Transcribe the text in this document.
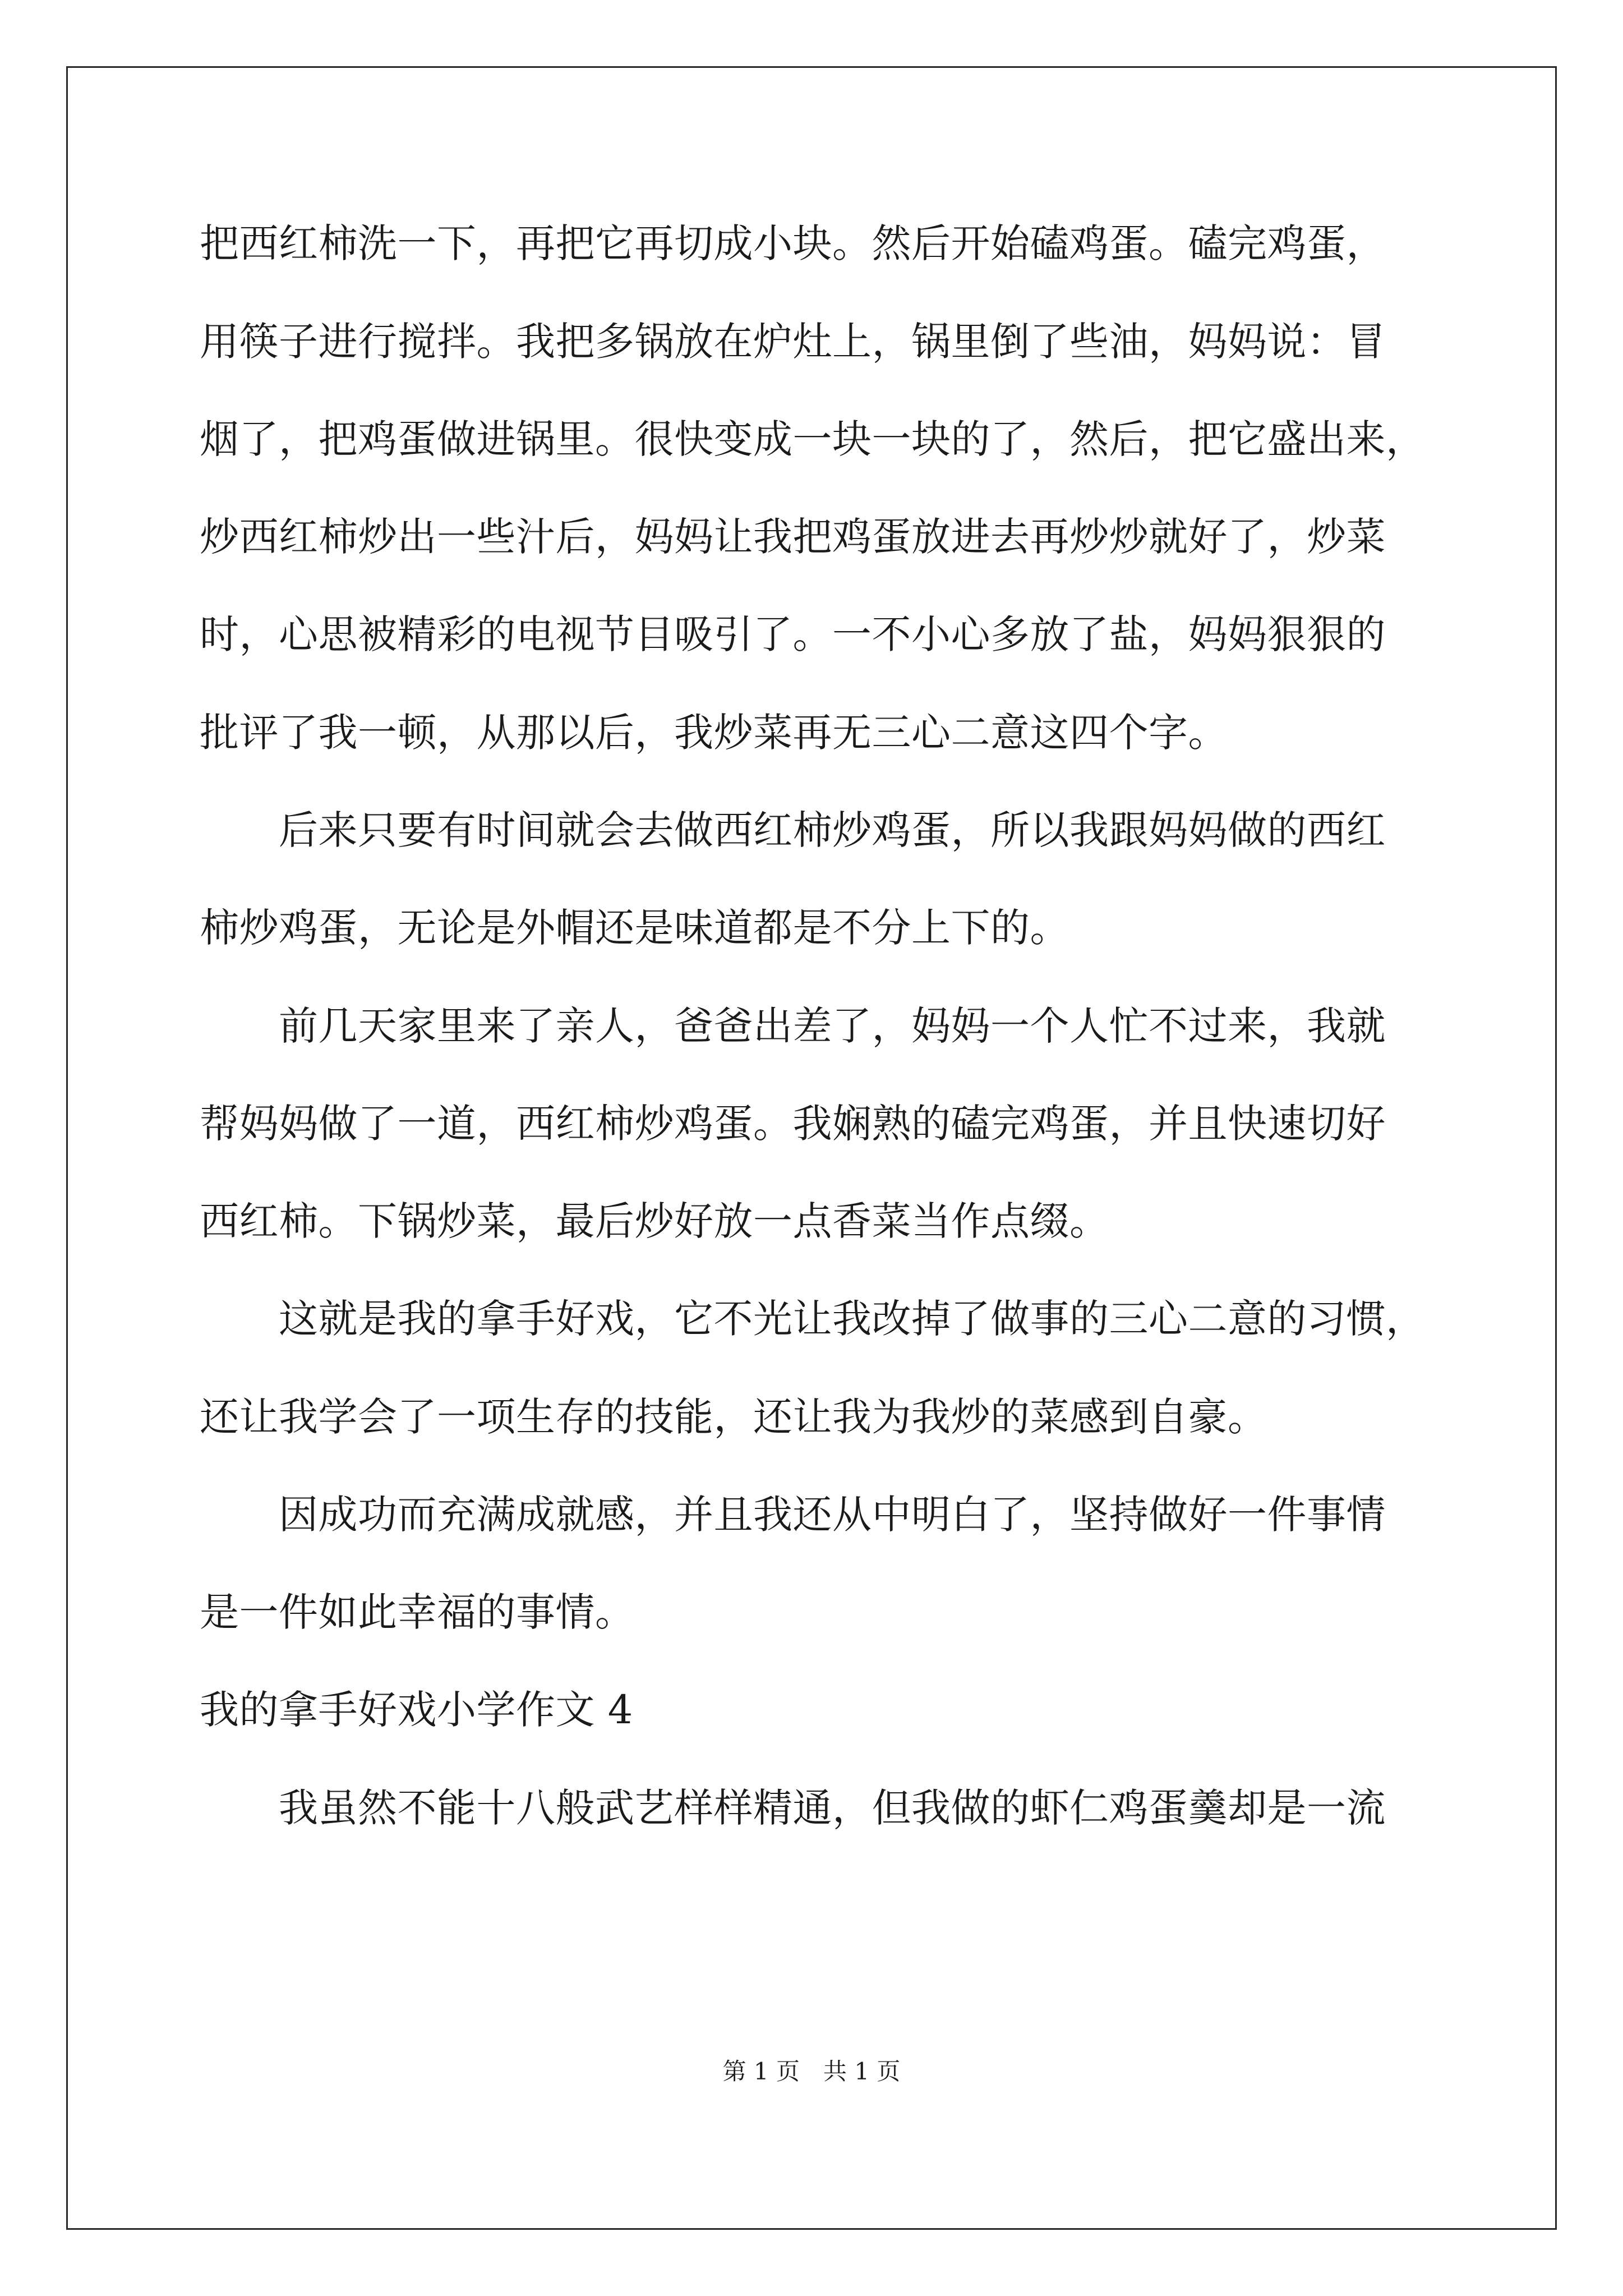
把西红柿洗一下，再把它再切成小块。然后开始磕鸡蛋。磕完鸡蛋，
用筷子进行搅拌。我把多锅放在炉灶上，锅里倒了些油，妈妈说：冒
烟了，把鸡蛋做进锅里。很快变成一块一块的了，然后，把它盛出来，
炒西红柿炒出一些汁后，妈妈让我把鸡蛋放进去再炒炒就好了，炒菜
时，心思被精彩的电视节目吸引了。一不小心多放了盐，妈妈狠狠的
批评了我一顿，从那以后，我炒菜再无三心二意这四个字。
　　后来只要有时间就会去做西红柿炒鸡蛋，所以我跟妈妈做的西红
柿炒鸡蛋，无论是外帽还是味道都是不分上下的。
　　前几天家里来了亲人，爸爸出差了，妈妈一个人忙不过来，我就
帮妈妈做了一道，西红柿炒鸡蛋。我娴熟的磕完鸡蛋，并且快速切好
西红柿。下锅炒菜，最后炒好放一点香菜当作点缀。
　　这就是我的拿手好戏，它不光让我改掉了做事的三心二意的习惯，
还让我学会了一项生存的技能，还让我为我炒的菜感到自豪。
　　因成功而充满成就感，并且我还从中明白了，坚持做好一件事情
是一件如此幸福的事情。
我的拿手好戏小学作文 4
　　我虽然不能十八般武艺样样精通，但我做的虾仁鸡蛋羹却是一流
第 1 页　共 1 页
